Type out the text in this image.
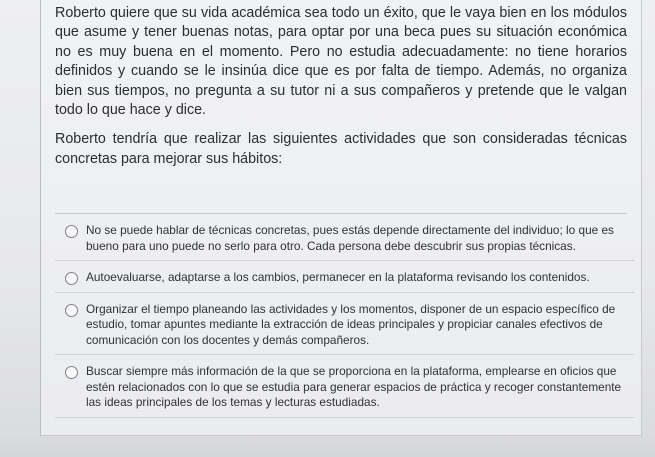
Roberto quiere que su vida académica sea todo un éxito, que le vaya bien en los módulos que asume y tener buenas notas, para optar por una beca pues su situación económica no es muy buena en el momento. Pero no estudia adecuadamente: no tiene horarios definidos y cuando se le insinúa dice que es por falta de tiempo. Además, no organiza bien sus tiempos, no pregunta a su tutor ni a sus compañeros y pretende que le valgan todo lo que hace y dice.

Roberto tendría que realizar las siguientes actividades que son consideradas técnicas concretas para mejorar sus hábitos:

No se puede hablar de técnicas concretas, pues estás depende directamente del individuo; lo que es bueno para uno puede no serlo para otro. Cada persona debe descubrir sus propias técnicas.
Autoevaluarse, adaptarse a los cambios, permanecer en la plataforma revisando los contenidos.
Organizar el tiempo planeando las actividades y los momentos, disponer de un espacio específico de estudio, tomar apuntes mediante la extracción de ideas principales y propiciar canales efectivos de comunicación con los docentes y demás compañeros.
Buscar siempre más información de la que se proporciona en la plataforma, emplearse en oficios que estén relacionados con lo que se estudia para generar espacios de práctica y recoger constantemente las ideas principales de los temas y lecturas estudiadas.
